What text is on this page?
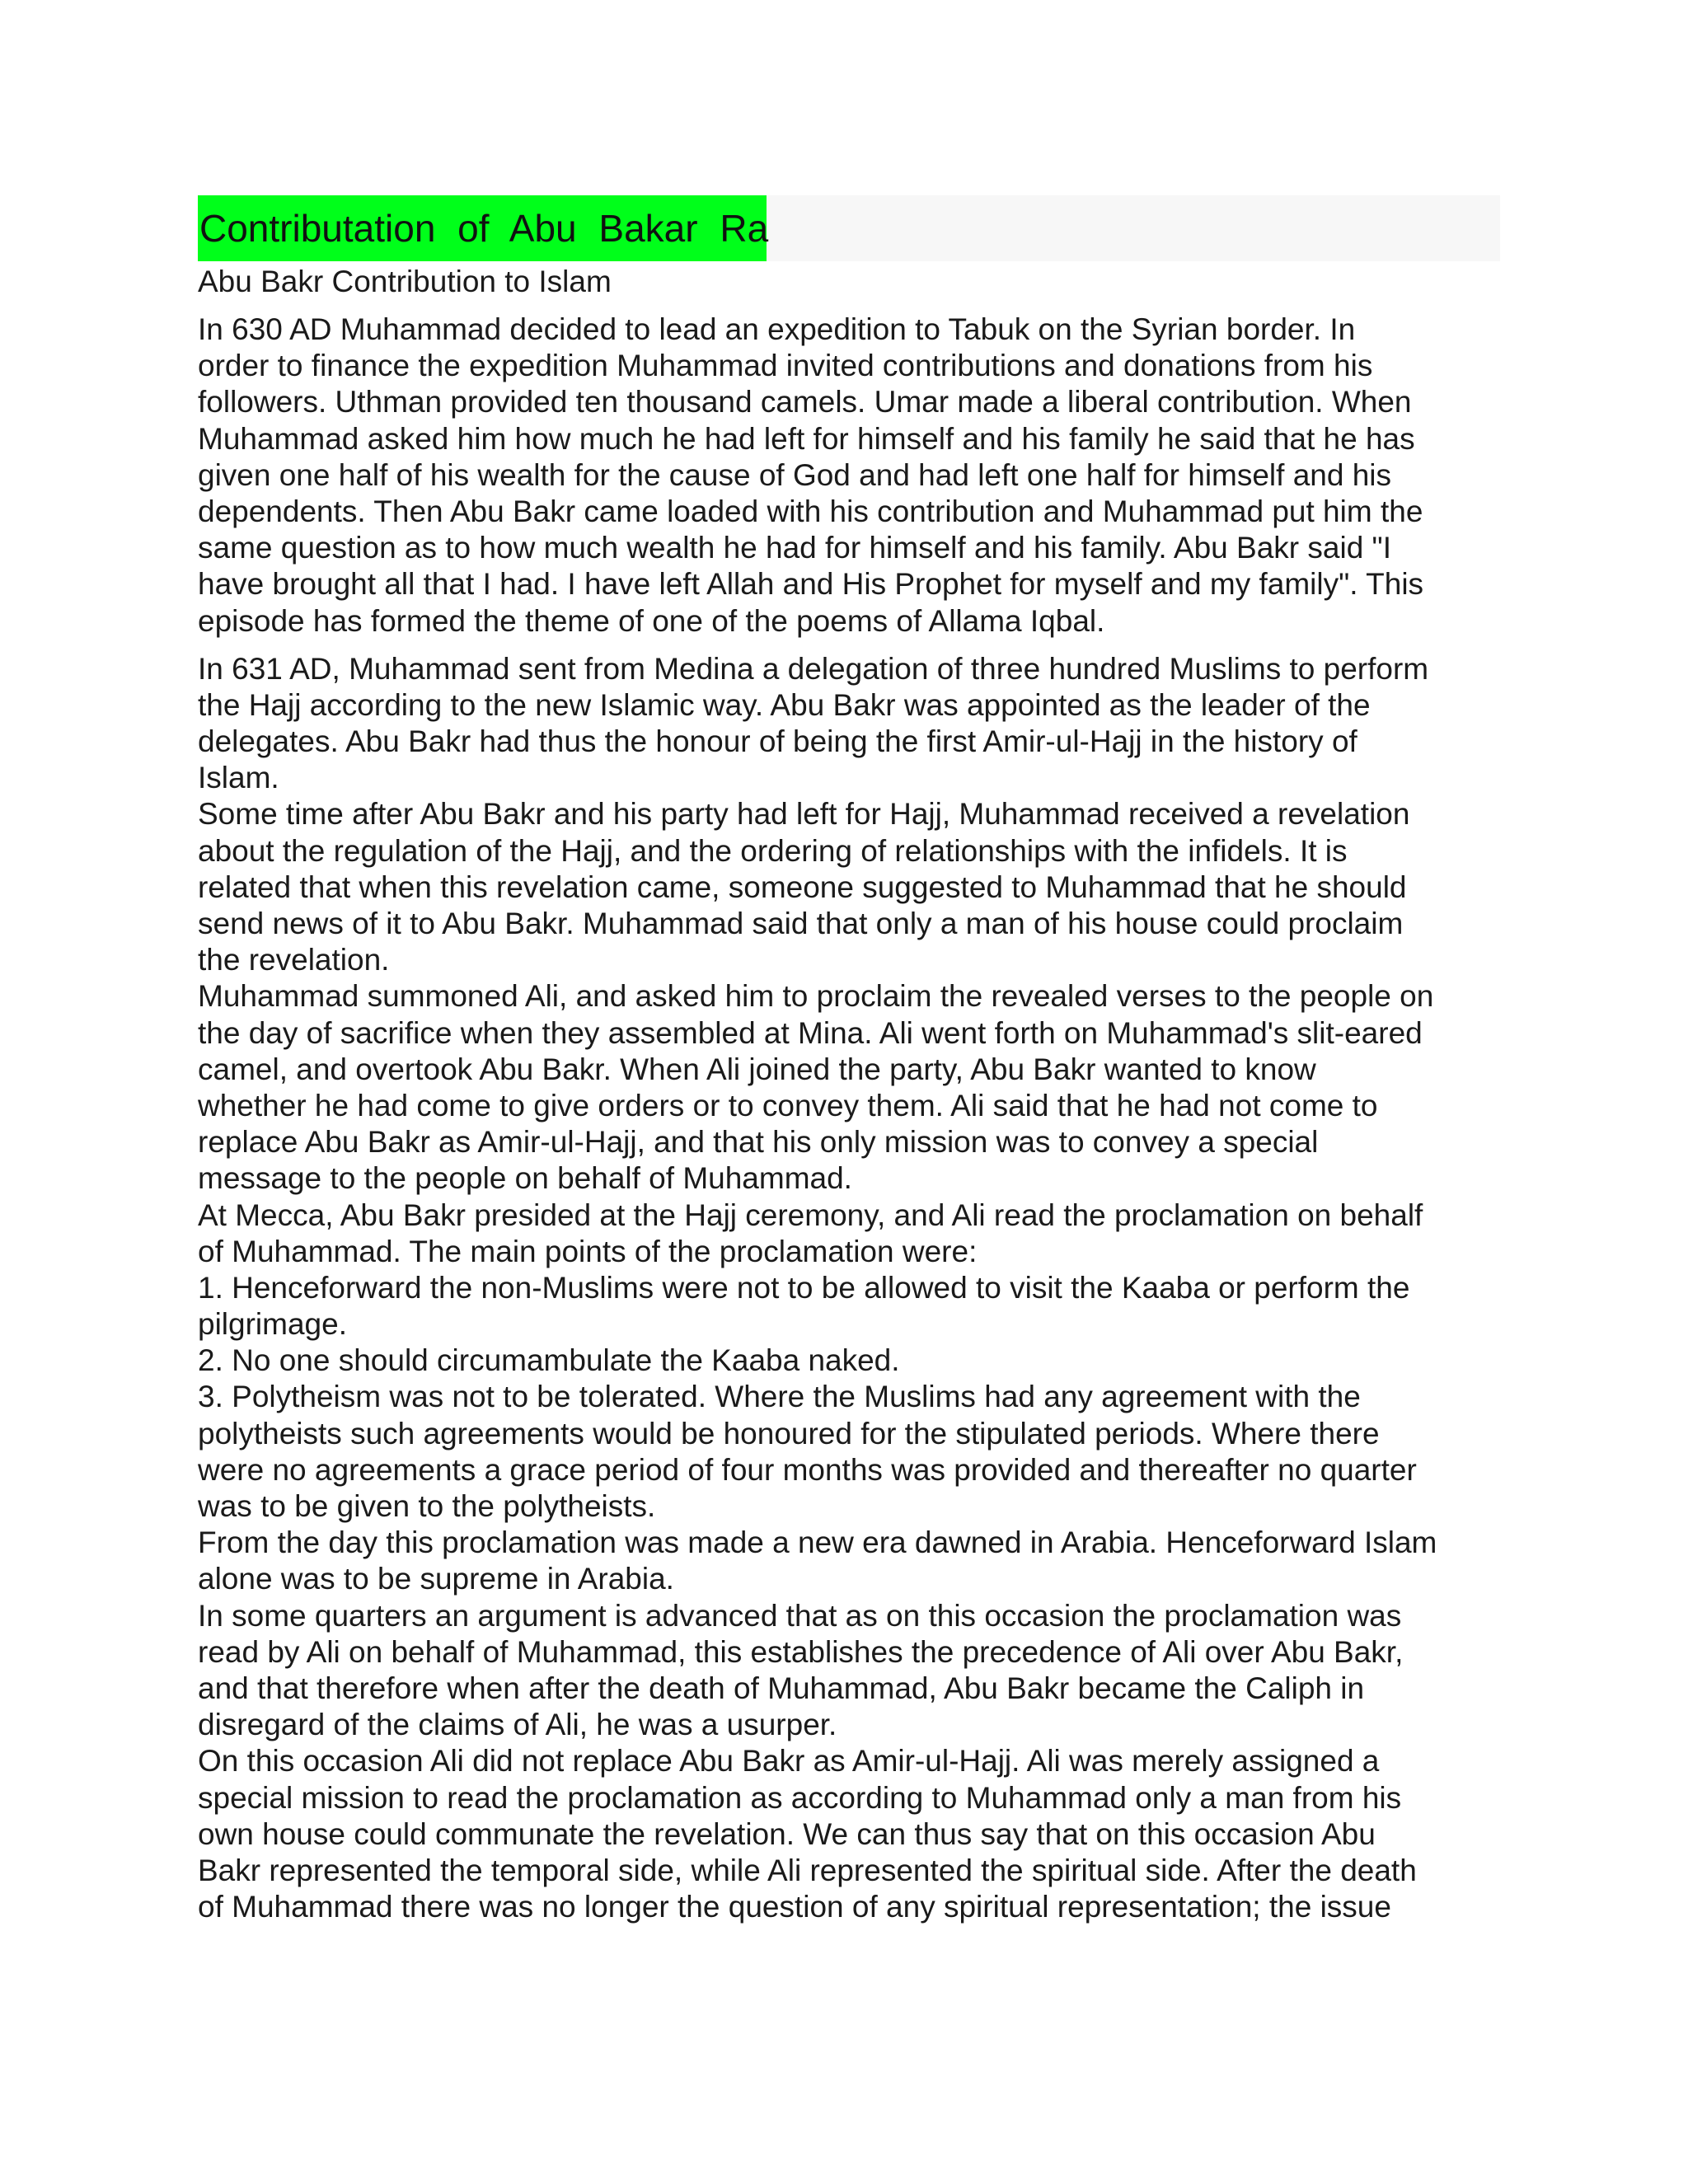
Contributation of Abu Bakar Ra
Abu Bakr Contribution to Islam
In 630 AD Muhammad decided to lead an expedition to Tabuk on the Syrian border. In
order to finance the expedition Muhammad invited contributions and donations from his
followers. Uthman provided ten thousand camels. Umar made a liberal contribution. When
Muhammad asked him how much he had left for himself and his family he said that he has
given one half of his wealth for the cause of God and had left one half for himself and his
dependents. Then Abu Bakr came loaded with his contribution and Muhammad put him the
same question as to how much wealth he had for himself and his family. Abu Bakr said "I
have brought all that I had. I have left Allah and His Prophet for myself and my family". This
episode has formed the theme of one of the poems of Allama Iqbal.
In 631 AD, Muhammad sent from Medina a delegation of three hundred Muslims to perform
the Hajj according to the new Islamic way. Abu Bakr was appointed as the leader of the
delegates. Abu Bakr had thus the honour of being the first Amir-ul-Hajj in the history of
Islam.
Some time after Abu Bakr and his party had left for Hajj, Muhammad received a revelation
about the regulation of the Hajj, and the ordering of relationships with the infidels. It is
related that when this revelation came, someone suggested to Muhammad that he should
send news of it to Abu Bakr. Muhammad said that only a man of his house could proclaim
the revelation.
Muhammad summoned Ali, and asked him to proclaim the revealed verses to the people on
the day of sacrifice when they assembled at Mina. Ali went forth on Muhammad's slit-eared
camel, and overtook Abu Bakr. When Ali joined the party, Abu Bakr wanted to know
whether he had come to give orders or to convey them. Ali said that he had not come to
replace Abu Bakr as Amir-ul-Hajj, and that his only mission was to convey a special
message to the people on behalf of Muhammad.
At Mecca, Abu Bakr presided at the Hajj ceremony, and Ali read the proclamation on behalf
of Muhammad. The main points of the proclamation were:
1. Henceforward the non-Muslims were not to be allowed to visit the Kaaba or perform the
pilgrimage.
2. No one should circumambulate the Kaaba naked.
3. Polytheism was not to be tolerated. Where the Muslims had any agreement with the
polytheists such agreements would be honoured for the stipulated periods. Where there
were no agreements a grace period of four months was provided and thereafter no quarter
was to be given to the polytheists.
From the day this proclamation was made a new era dawned in Arabia. Henceforward Islam
alone was to be supreme in Arabia.
In some quarters an argument is advanced that as on this occasion the proclamation was
read by Ali on behalf of Muhammad, this establishes the precedence of Ali over Abu Bakr,
and that therefore when after the death of Muhammad, Abu Bakr became the Caliph in
disregard of the claims of Ali, he was a usurper.
On this occasion Ali did not replace Abu Bakr as Amir-ul-Hajj. Ali was merely assigned a
special mission to read the proclamation as according to Muhammad only a man from his
own house could communate the revelation. We can thus say that on this occasion Abu
Bakr represented the temporal side, while Ali represented the spiritual side. After the death
of Muhammad there was no longer the question of any spiritual representation; the issue
